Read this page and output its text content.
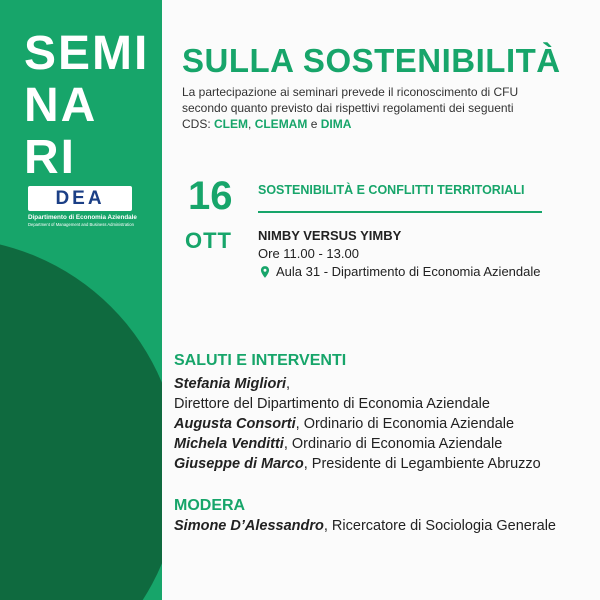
SEMI
NA
RI
DEA
Dipartimento di Economia Aziendale
Department of Management and Business Administration
SULLA SOSTENIBILITÀ
La partecipazione ai seminari prevede il riconoscimento di CFU
secondo quanto previsto dai rispettivi regolamenti dei seguenti
CDS: CLEM, CLEMAM e DIMA
16
OTT
SOSTENIBILITÀ E CONFLITTI TERRITORIALI
NIMBY VERSUS YIMBY
Ore 11.00 - 13.00
Aula 31 - Dipartimento di Economia Aziendale
SALUTI E INTERVENTI
Stefania Migliori,
Direttore del Dipartimento di Economia Aziendale
Augusta Consorti, Ordinario di Economia Aziendale
Michela Venditti, Ordinario di Economia Aziendale
Giuseppe di Marco, Presidente di Legambiente Abruzzo
MODERA
Simone D’Alessandro, Ricercatore di Sociologia Generale
